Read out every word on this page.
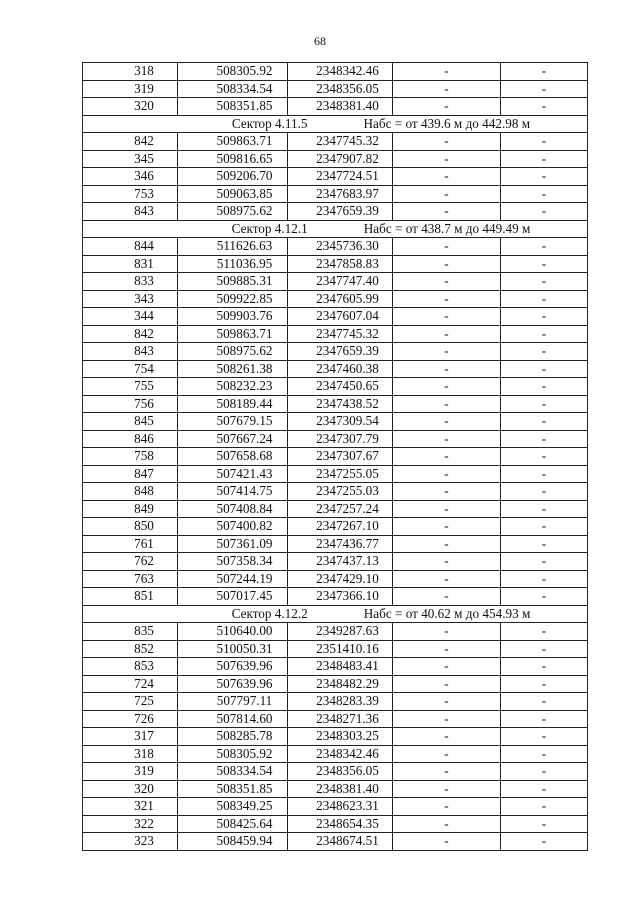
68
318	508305.92	2348342.46	-	-
319	508334.54	2348356.05	-	-
320	508351.85	2348381.40	-	-
Сектор 4.11.5 Набс = от 439.6 м до 442.98 м				
842	509863.71	2347745.32	-	-
345	509816.65	2347907.82	-	-
346	509206.70	2347724.51	-	-
753	509063.85	2347683.97	-	-
843	508975.62	2347659.39	-	-
Сектор 4.12.1 Набс = от 438.7 м до 449.49 м				
844	511626.63	2345736.30	-	-
831	511036.95	2347858.83	-	-
833	509885.31	2347747.40	-	-
343	509922.85	2347605.99	-	-
344	509903.76	2347607.04	-	-
842	509863.71	2347745.32	-	-
843	508975.62	2347659.39	-	-
754	508261.38	2347460.38	-	-
755	508232.23	2347450.65	-	-
756	508189.44	2347438.52	-	-
845	507679.15	2347309.54	-	-
846	507667.24	2347307.79	-	-
758	507658.68	2347307.67	-	-
847	507421.43	2347255.05	-	-
848	507414.75	2347255.03	-	-
849	507408.84	2347257.24	-	-
850	507400.82	2347267.10	-	-
761	507361.09	2347436.77	-	-
762	507358.34	2347437.13	-	-
763	507244.19	2347429.10	-	-
851	507017.45	2347366.10	-	-
Сектор 4.12.2 Набс = от 40.62 м до 454.93 м				
835	510640.00	2349287.63	-	-
852	510050.31	2351410.16	-	-
853	507639.96	2348483.41	-	-
724	507639.96	2348482.29	-	-
725	507797.11	2348283.39	-	-
726	507814.60	2348271.36	-	-
317	508285.78	2348303.25	-	-
318	508305.92	2348342.46	-	-
319	508334.54	2348356.05	-	-
320	508351.85	2348381.40	-	-
321	508349.25	2348623.31	-	-
322	508425.64	2348654.35	-	-
323	508459.94	2348674.51	-	-
